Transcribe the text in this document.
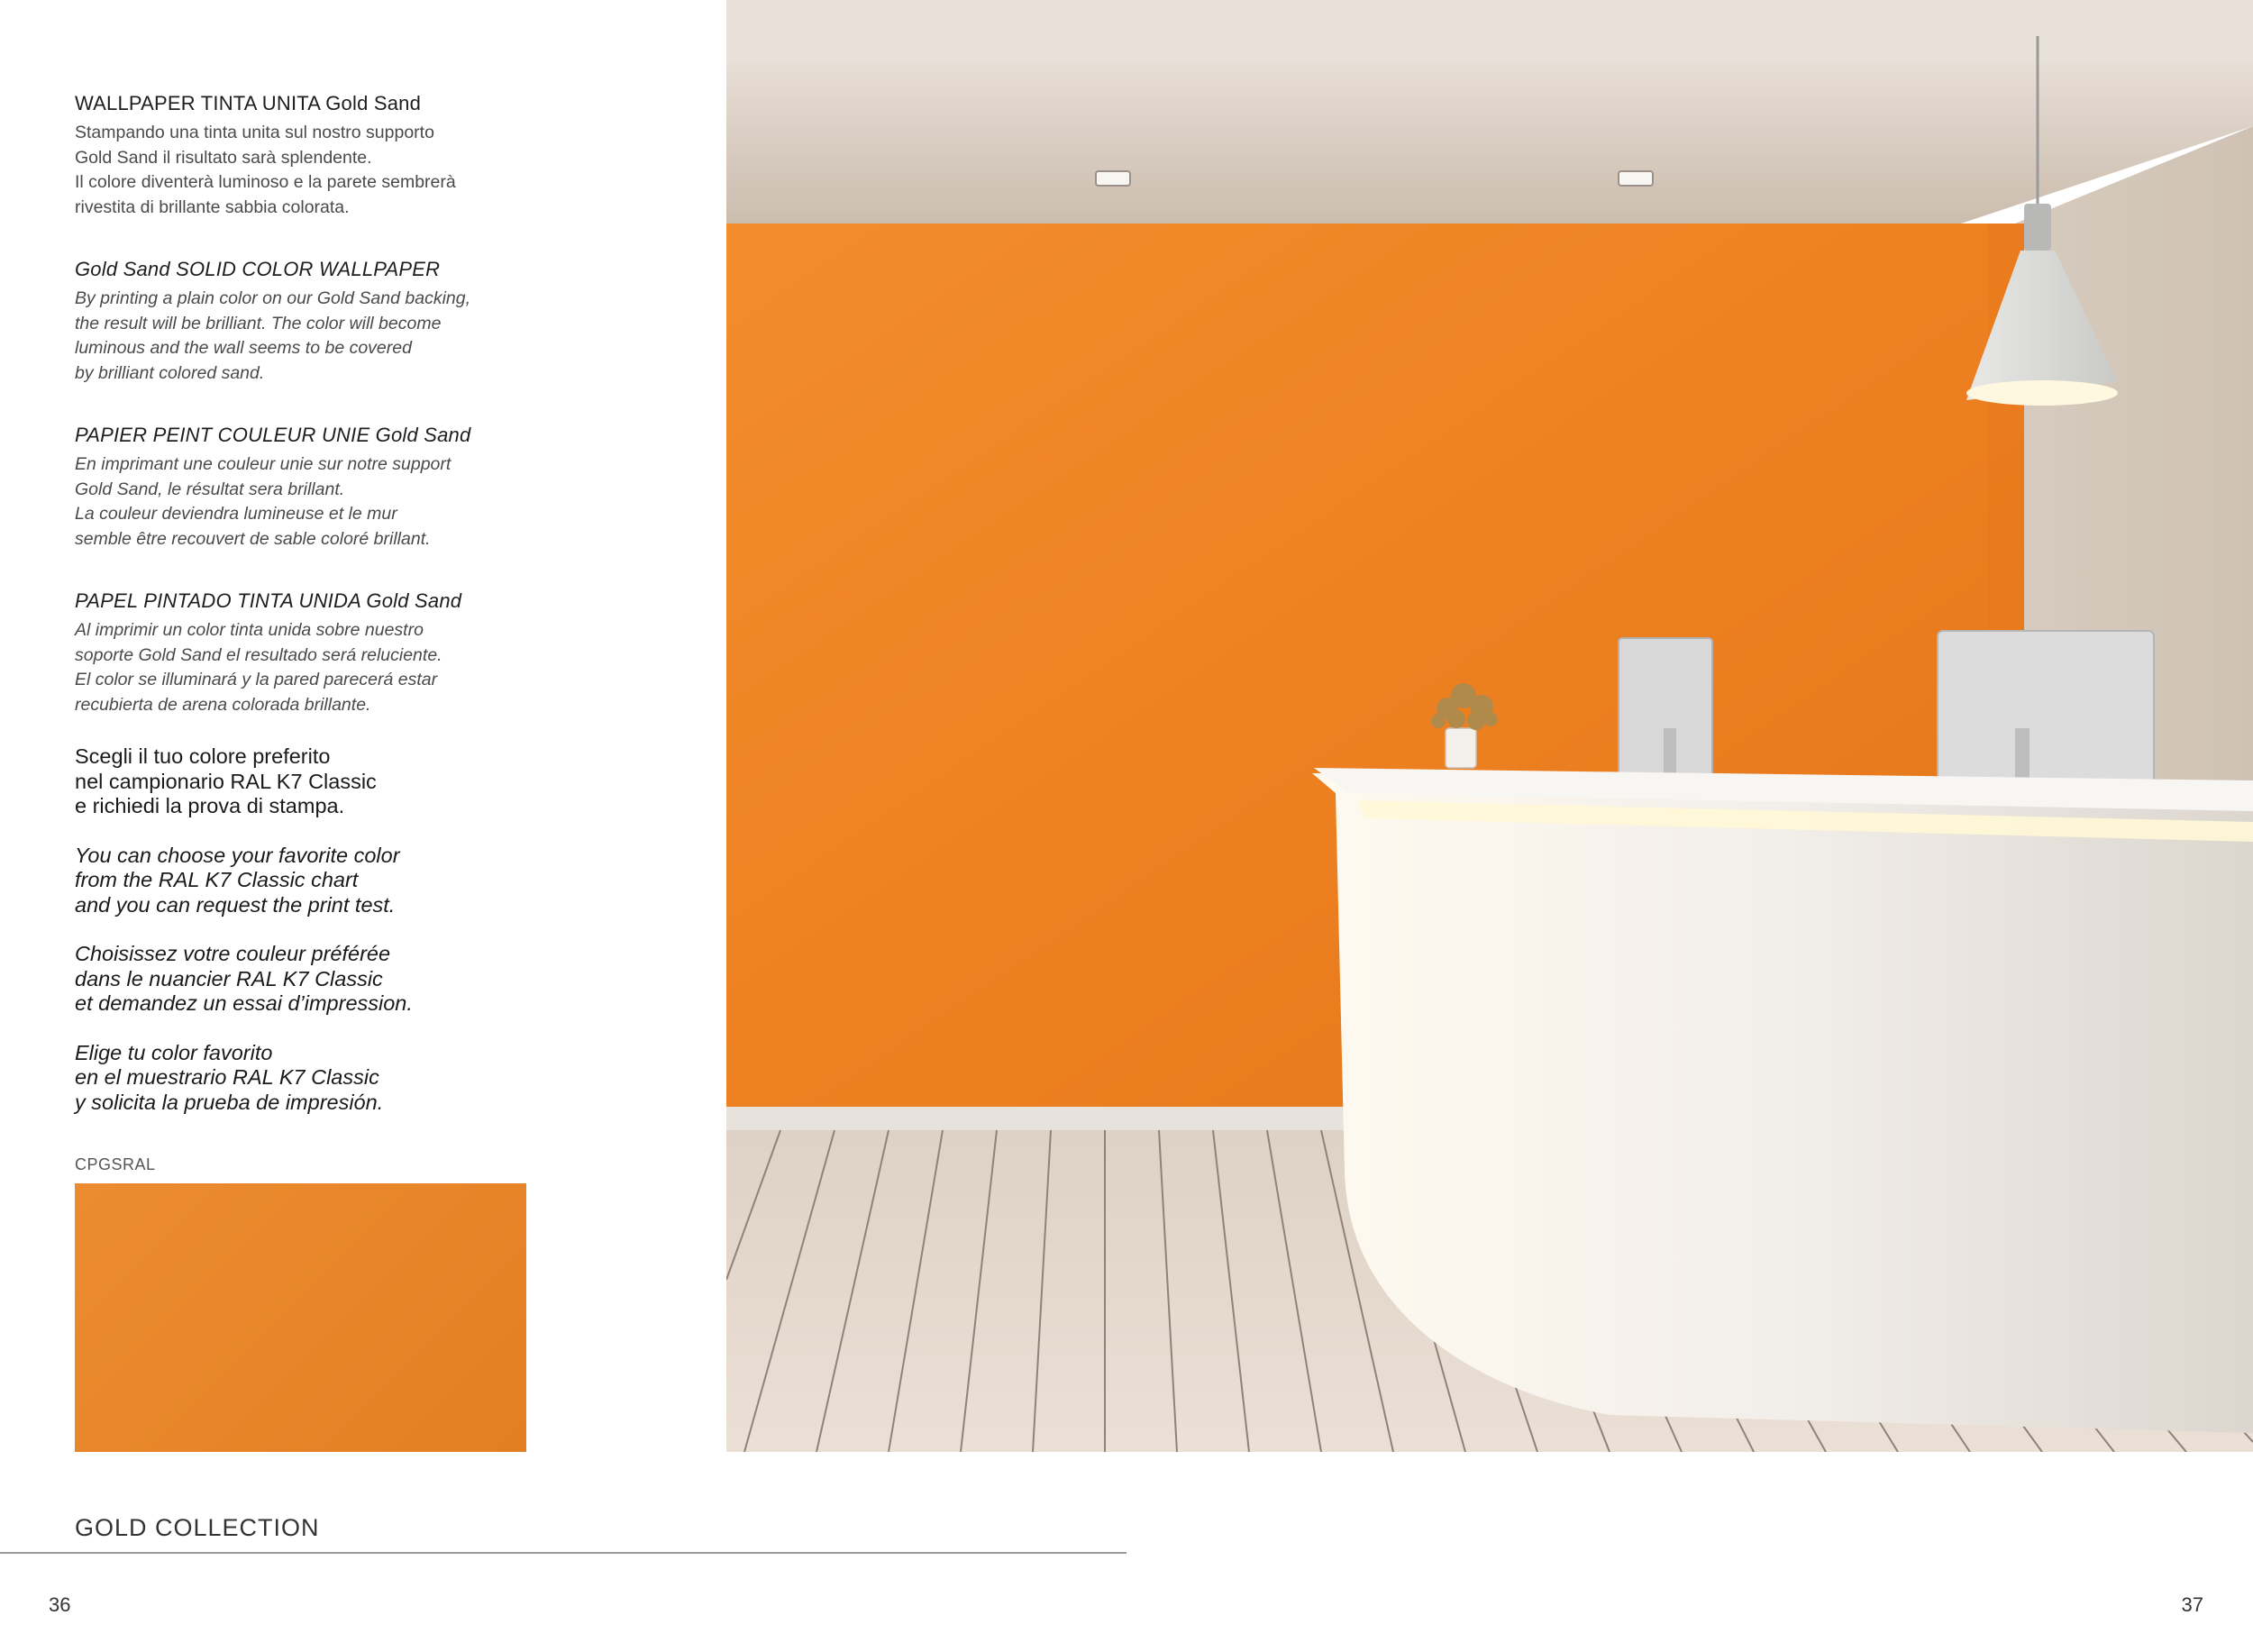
WALLPAPER TINTA UNITA Gold Sand

Stampando una tinta unita sul nostro supporto
Gold Sand il risultato sarà splendente.
Il colore diventerà luminoso e la parete sembrerà
rivestita di brillante sabbia colorata.

Gold Sand SOLID COLOR WALLPAPER

By printing a plain color on our Gold Sand backing,
the result will be brilliant. The color will become
luminous and the wall seems to be covered
by brilliant colored sand.

PAPIER PEINT COULEUR UNIE Gold Sand

En imprimant une couleur unie sur notre support
Gold Sand, le résultat sera brillant.
La couleur deviendra lumineuse et le mur
semble être recouvert de sable coloré brillant.

PAPEL PINTADO TINTA UNIDA Gold Sand

Al imprimir un color tinta unida sobre nuestro
soporte Gold Sand el resultado será reluciente.
El color se illuminará y la pared parecerá estar
recubierta de arena colorada brillante.

Scegli il tuo colore preferito
nel campionario RAL K7 Classic
e richiedi la prova di stampa.

You can choose your favorite color
from the RAL K7 Classic chart
and you can request the print test.

Choisissez votre couleur préférée
dans le nuancier RAL K7 Classic
et demandez un essai d’impression.

Elige tu color favorito
en el muestrario RAL K7 Classic
y solicita la prueba de impresión.

CPGSRAL
GOLD COLLECTION
36	37
